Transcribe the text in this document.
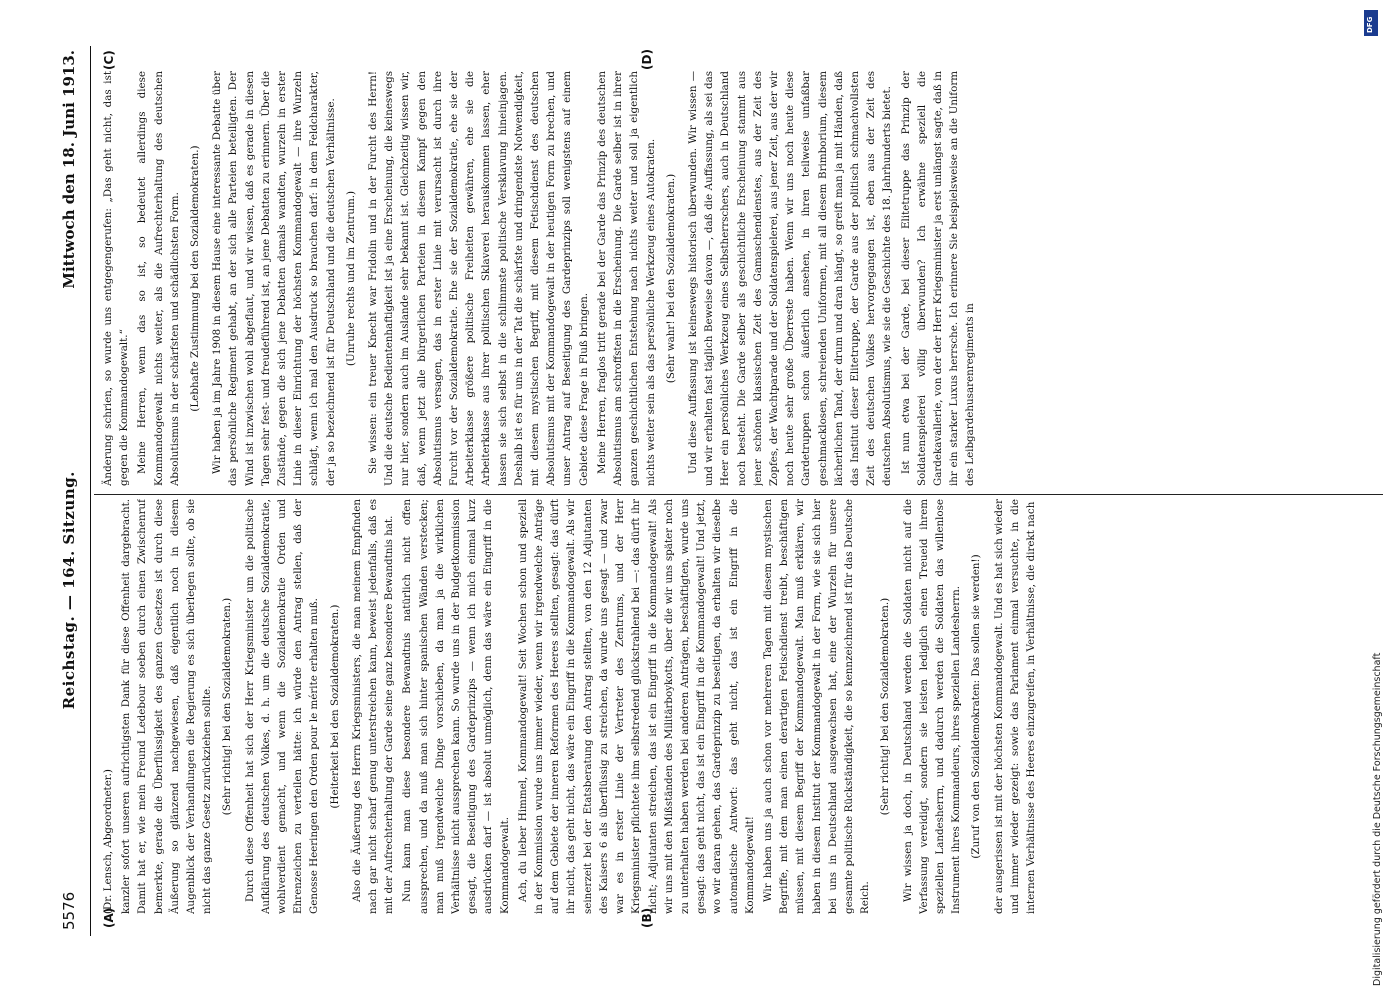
5576
Reichstag. — 164. Sitzung.
Mittwoch den 18. Juni 1913.
(A)	(B)
(C)	(D)

(Dr. Lensch, Abgeordneter.) kanzler sofort unseren aufrichtigsten Dank für diese Offenheit dargebracht. Damit hat er, wie mein Freund Ledebour soeben durch einen Zwischenruf bemerkte, gerade die Überflüssigkeit des ganzen Gesetzes ist durch diese Äußerung so glänzend nachgewiesen, daß eigentlich noch in diesem Augenblick der Verhandlungen die Regierung es sich überlegen sollte, ob sie nicht das ganze Gesetz zurückziehen sollte. (Sehr richtig! bei den Sozialdemokraten.) Durch diese Offenheit hat sich der Herr Kriegsminister um die politische Aufklärung des deutschen Volkes, d. h. um die deutsche Sozialdemokratie, wohlverdient gemacht, und wenn die Sozialdemokratie Orden und Ehrenzeichen zu verteilen hätte: ich würde den Antrag stellen, daß der Genosse Heeringen den Orden pour le mérite erhalten muß. (Heiterkeit bei den Sozialdemokraten.) Also die Äußerung des Herrn Kriegsministers, die man meinem Empfinden nach gar nicht scharf genug unterstreichen kann, beweist jedenfalls, daß es mit der Aufrechterhaltung der Garde seine ganz besondere Bewandtnis hat. Nun kann man diese besondere Bewandtnis natürlich nicht offen aussprechen, und da muß man sich hinter spanischen Wänden verstecken; man muß irgendwelche Dinge vorschieben, da man ja die wirklichen Verhältnisse nicht aussprechen kann. So wurde uns in der Budgetkommission gesagt, die Beseitigung des Gardeprinzips — wenn ich mich einmal kurz ausdrücken darf — ist absolut unmöglich, denn das wäre ein Eingriff in die Kommandogewalt. Ach, du lieber Himmel, Kommandogewalt! Seit Wochen schon und speziell in der Kommission wurde uns immer wieder, wenn wir irgendwelche Anträge auf dem Gebiete der inneren Reformen des Heeres stellten, gesagt: das dürft ihr nicht, das geht nicht, das wäre ein Eingriff in die Kommandogewalt. Als wir seinerzeit bei der Etatsberatung den Antrag stellten, von den 12 Adjutanten des Kaisers 6 als überflüssig zu streichen, da wurde uns gesagt — und zwar war es in erster Linie der Vertreter des Zentrums, und der Herr Kriegsminister pflichtete ihm selbstredend glückstrahlend bei —: das dürft ihr nicht; Adjutanten streichen, das ist ein Eingriff in die Kommandogewalt! Als wir uns mit den Mißständen des Militärboykotts, über die wir uns später noch zu unterhalten haben werden bei anderen Anträgen, beschäftigten, wurde uns gesagt: das geht nicht, das ist ein Eingriff in die Kommandogewalt! Und jetzt, wo wir daran gehen, das Gardeprinzip zu beseitigen, da erhalten wir dieselbe automatische Antwort: das geht nicht, das ist ein Eingriff in die Kommandogewalt! Wir haben uns ja auch schon vor mehreren Tagen mit diesem mystischen Begriffe, mit dem man einen derartigen Fetischdienst treibt, beschäftigen müssen, mit diesem Begriff der Kommandogewalt. Man muß erklären, wir haben in diesem Institut der Kommandogewalt in der Form, wie sie sich hier bei uns in Deutschland ausgewachsen hat, eine der Wurzeln für unsere gesamte politische Rückständigkeit, die so kennzeichnend ist für das Deutsche Reich.

(Sehr richtig! bei den Sozialdemokraten.) Wir wissen ja doch, in Deutschland werden die Soldaten nicht auf die Verfassung vereidigt, sondern sie leisten lediglich einen Treueid ihrem speziellen Landesherrn, und dadurch werden die Soldaten das willenlose Instrument ihres Kommandeurs, ihres speziellen Landesherrn. (Zuruf von den Sozialdemokraten: Das sollen sie werden!) der ausgerissen ist mit der höchsten Kommandogewalt. Und es hat sich wieder und immer wieder gezeigt: sowie das Parlament einmal versuchte, in die internen Verhältnisse des Heeres einzugreifen, in Verhältnisse, die direkt nach

Änderung schrien, so wurde uns entgegengerufen: „Das geht nicht, das ist gegen die Kommandogewalt.“ Meine Herren, wenn das so ist, so bedeutet allerdings diese Kommandogewalt nichts weiter, als die Aufrechterhaltung des deutschen Absolutismus in der schärfsten und schädlichsten Form. (Lebhafte Zustimmung bei den Sozialdemokraten.) Wir haben ja im Jahre 1908 in diesem Hause eine interessante Debatte über das persönliche Regiment gehabt, an der sich alle Parteien beteiligten. Der Wind ist inzwischen wohl abgeflaut, und wir wissen, daß es gerade in diesen Tagen sehr fest- und freudeführend ist, an jene Debatten zu erinnern. Über die Zustände, gegen die sich jene Debatten damals wandten, wurzeln in erster Linie in dieser Einrichtung der höchsten Kommandogewalt — ihre Wurzeln schlägt, wenn ich mal den Ausdruck so brauchen darf: in dem Feldcharakter, der ja so bezeichnend ist für Deutschland und die deutschen Verhältnisse. (Unruhe rechts und im Zentrum.) Sie wissen: ein treuer Knecht war Fridolin und in der Furcht des Herrn! Und die deutsche Bedientenhaftigkeit ist ja eine Erscheinung, die keineswegs nur hier, sondern auch im Auslande sehr bekannt ist. Gleichzeitig wissen wir, daß, wenn jetzt alle bürgerlichen Parteien in diesem Kampf gegen den Absolutismus versagen, das in erster Linie mit verursacht ist durch ihre Furcht vor der Sozialdemokratie. Ehe sie der Sozialdemokratie, ehe sie der Arbeiterklasse größere politische Freiheiten gewähren, ehe sie die Arbeiterklasse aus ihrer politischen Sklaverei herauskommen lassen, eher lassen sie sich selbst in die schlimmste politische Versklavung hineinjagen. Deshalb ist es für uns in der Tat die schärfste und dringendste Notwendigkeit, mit diesem mystischen Begriff, mit diesem Fetischdienst des deutschen Absolutismus mit der Kommandogewalt in der heutigen Form zu brechen, und unser Antrag auf Beseitigung des Gardeprinzips soll wenigstens auf einem Gebiete diese Frage in Fluß bringen. Meine Herren, fraglos tritt gerade bei der Garde das Prinzip des deutschen Absolutismus am schroffsten in die Erscheinung. Die Garde selber ist in ihrer ganzen geschichtlichen Entstehung nach nichts weiter und soll ja eigentlich nichts weiter sein als das persönliche Werkzeug eines Autokraten. (Sehr wahr! bei den Sozialdemokraten.) Und diese Auffassung ist keineswegs historisch überwunden. Wir wissen — und wir erhalten fast täglich Beweise davon —, daß die Auffassung, als sei das Heer ein persönliches Werkzeug eines Selbstherrschers, auch in Deutschland noch besteht. Die Garde selber als geschichtliche Erscheinung stammt aus jener schönen klassischen Zeit des Gamaschendienstes, aus der Zeit des Zopfes, der Wachtparade und der Soldatenspielerei, aus jener Zeit, aus der wir noch heute sehr große Überreste haben. Wenn wir uns noch heute diese Gardetruppen schon äußerlich ansehen, in ihren teilweise unfaßbar geschmacklosen, schreienden Uniformen, mit all diesem Brimborium, diesem lächerlichen Tand, der drum und dran hängt, so greift man ja mit Händen, daß das Institut dieser Elitetruppe, der Garde aus der politisch schmachvollsten Zeit des deutschen Volkes hervorgegangen ist, eben aus der Zeit des deutschen Absolutismus, wie sie die Geschichte des 18. Jahrhunderts bietet. Ist nun etwa bei der Garde, bei dieser Elitetruppe das Prinzip der Soldatenspielerei völlig überwunden? Ich erwähne speziell die Gardekavallerie, von der der Herr Kriegsminister ja erst unlängst sagte, daß in ihr ein starker Luxus herrsche. Ich erinnere Sie beispielsweise an die Uniform des Leibgardehusarenregiments in

Digitalisierung gefördert durch die Deutsche Forschungsgemeinschaft
DFG
